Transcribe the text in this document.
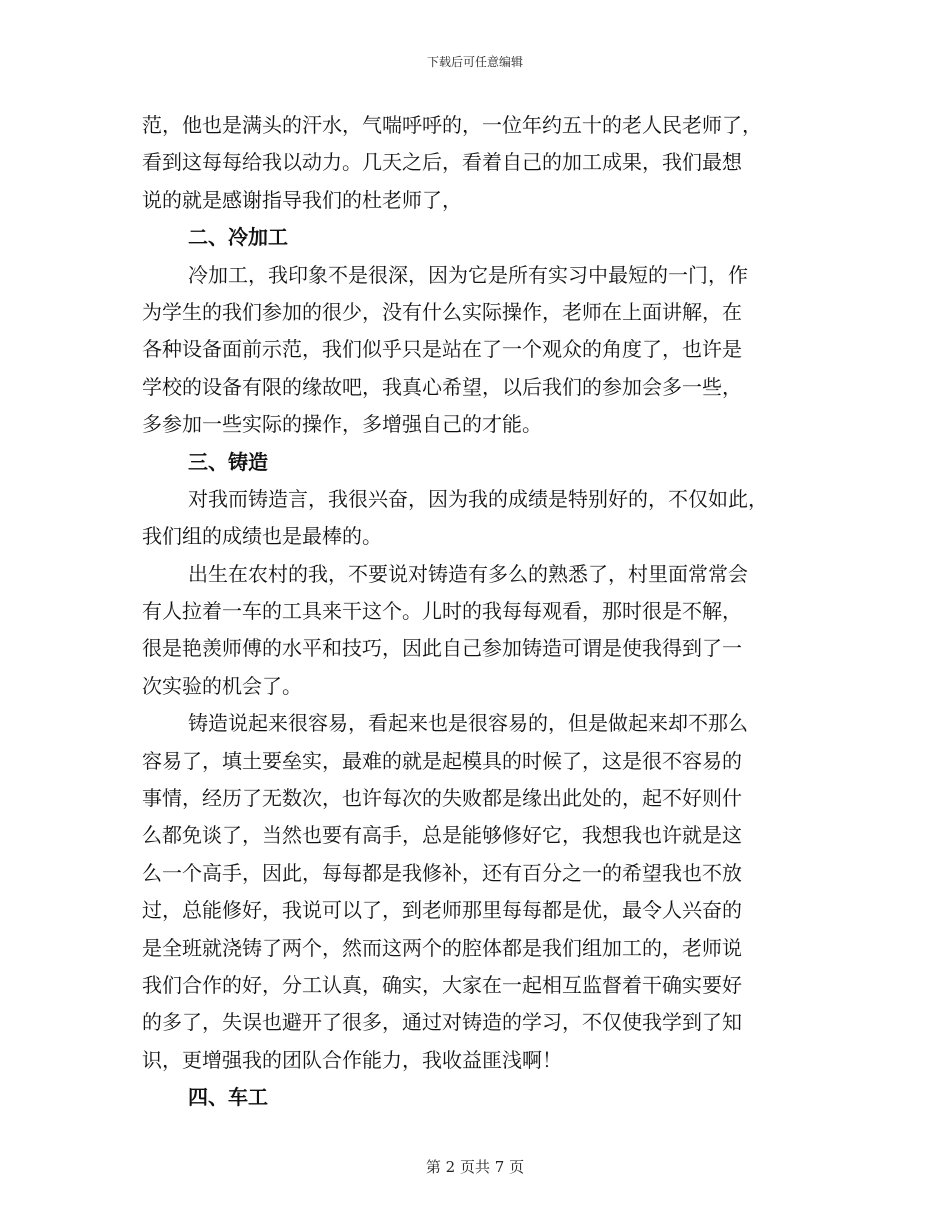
下载后可任意编辑
范，他也是满头的汗水，气喘呼呼的，一位年约五十的老人民老师了，
看到这每每给我以动力。几天之后，看着自己的加工成果，我们最想
说的就是感谢指导我们的杜老师了，
二、冷加工
冷加工，我印象不是很深，因为它是所有实习中最短的一门，作
为学生的我们参加的很少，没有什么实际操作，老师在上面讲解，在
各种设备面前示范，我们似乎只是站在了一个观众的角度了，也许是
学校的设备有限的缘故吧，我真心希望，以后我们的参加会多一些，
多参加一些实际的操作，多增强自己的才能。
三、铸造
对我而铸造言，我很兴奋，因为我的成绩是特别好的，不仅如此，
我们组的成绩也是最棒的。
出生在农村的我，不要说对铸造有多么的熟悉了，村里面常常会
有人拉着一车的工具来干这个。儿时的我每每观看，那时很是不解，
很是艳羡师傅的水平和技巧，因此自己参加铸造可谓是使我得到了一
次实验的机会了。
铸造说起来很容易，看起来也是很容易的，但是做起来却不那么
容易了，填土要垒实，最难的就是起模具的时候了，这是很不容易的
事情，经历了无数次，也许每次的失败都是缘出此处的，起不好则什
么都免谈了，当然也要有高手，总是能够修好它，我想我也许就是这
么一个高手，因此，每每都是我修补，还有百分之一的希望我也不放
过，总能修好，我说可以了，到老师那里每每都是优，最令人兴奋的
是全班就浇铸了两个，然而这两个的腔体都是我们组加工的，老师说
我们合作的好，分工认真，确实，大家在一起相互监督着干确实要好
的多了，失误也避开了很多，通过对铸造的学习，不仅使我学到了知
识，更增强我的团队合作能力，我收益匪浅啊！
四、车工
第 2 页共 7 页
